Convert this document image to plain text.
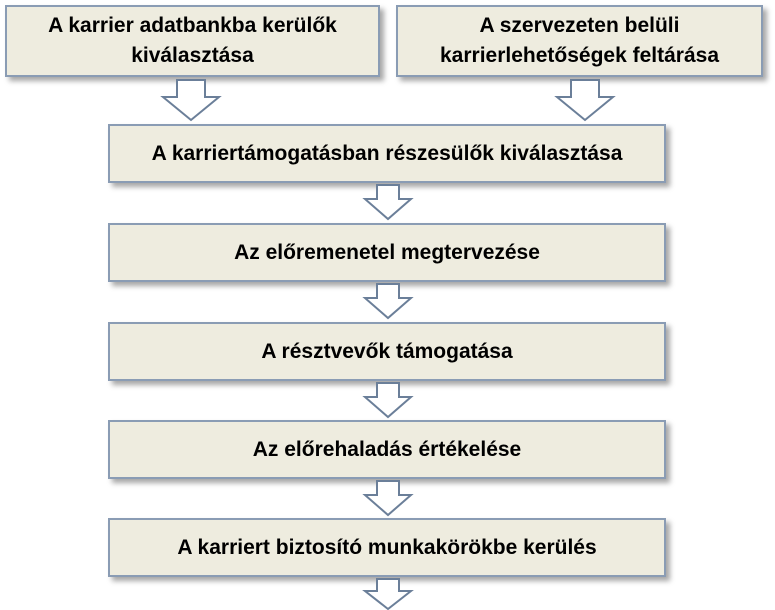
A karrier adatbankba kerülők kiválasztása
A szervezeten belüli karrierlehetőségek feltárása
A karriertámogatásban részesülők kiválasztása
Az előremenetel megtervezése
A résztvevők támogatása
Az előrehaladás értékelése
A karriert biztosító munkakörökbe kerülés
